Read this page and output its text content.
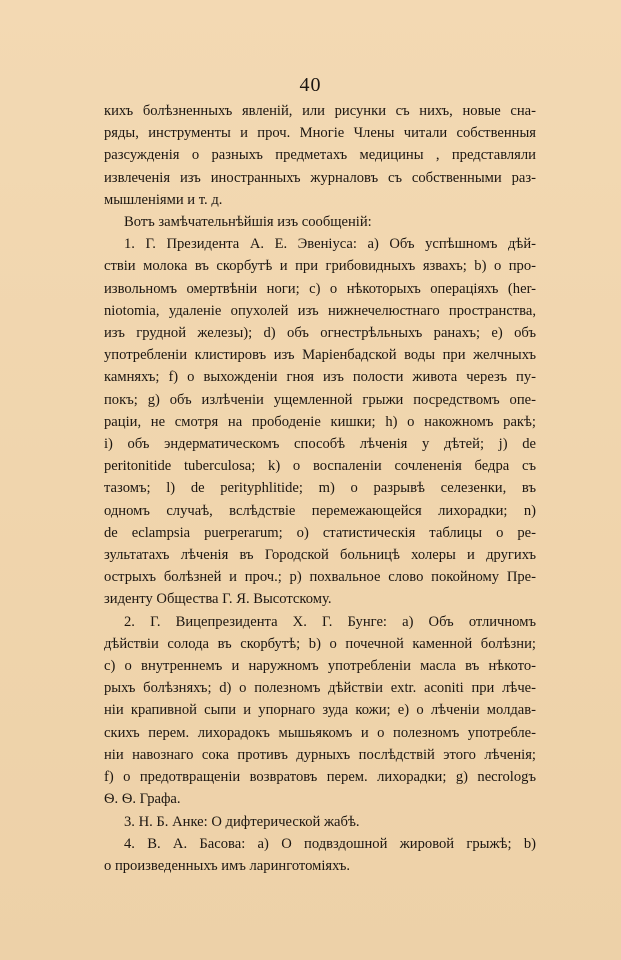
40
кихъ болѣзненныхъ явленій, или рисунки съ нихъ, новые сна-
ряды, инструменты и проч. Многіе Члены читали собственныя
разсужденія о разныхъ предметахъ медицины , представляли
извлеченія изъ иностранныхъ журналовъ съ собственными раз-
мышленіями и т. д.
Вотъ замѣчательнѣйшія изъ сообщеній:
1. Г. Президента А. Е. Эвеніуса: а) Объ успѣшномъ дѣй-
ствіи молока въ скорбутѣ и при грибовидныхъ язвахъ; b) о про-
извольномъ омертвѣніи ноги; c) о нѣкоторыхъ операціяхъ (her-
niotomia, удаленіе опухолей изъ нижнечелюстнаго пространства,
изъ грудной железы); d) объ огнестрѣльныхъ ранахъ; e) объ
употребленіи клистировъ изъ Маріенбадской воды при желчныхъ
камняхъ; f) о выхожденіи гноя изъ полости живота черезъ пу-
покъ; g) объ излѣченіи ущемленной грыжи посредствомъ опе-
раціи, не смотря на прободеніе кишки; h) о накожномъ ракѣ;
i) объ эндерматическомъ способѣ лѣченія у дѣтей; j) de
peritonitide tuberculosa; k) о воспаленіи сочлененія бедра съ
тазомъ; l) de perityphlitide; m) о разрывѣ селезенки, въ
одномъ случаѣ, вслѣдствіе перемежающейся лихорадки; n)
de eclampsia puerperarum; o) статистическія таблицы о ре-
зультатахъ лѣченія въ Городской больницѣ холеры и другихъ
острыхъ болѣзней и проч.; p) похвальное слово покойному Пре-
зиденту Общества Г. Я. Высотскому.
2. Г. Вицепрезидента Х. Г. Бунге: а) Объ отличномъ
дѣйствіи солода въ скорбутѣ; b) о почечной каменной болѣзни;
c) о внутреннемъ и наружномъ употребленіи масла въ нѣкото-
рыхъ болѣзняхъ; d) о полезномъ дѣйствіи extr. aconiti при лѣче-
ніи крапивной сыпи и упорнаго зуда кожи; e) о лѣченіи молдав-
скихъ перем. лихорадокъ мышьякомъ и о полезномъ употребле-
ніи навознаго сока противъ дурныхъ послѣдствій этого лѣченія;
f) о предотвращеніи возвратовъ перем. лихорадки; g) necrologъ
Ѳ. Ѳ. Графа.
3. Н. Б. Анке: О дифтерической жабѣ.
4. В. А. Басова: а) О подвздошной жировой грыжѣ; b)
о произведенныхъ имъ ларинготоміяхъ.
